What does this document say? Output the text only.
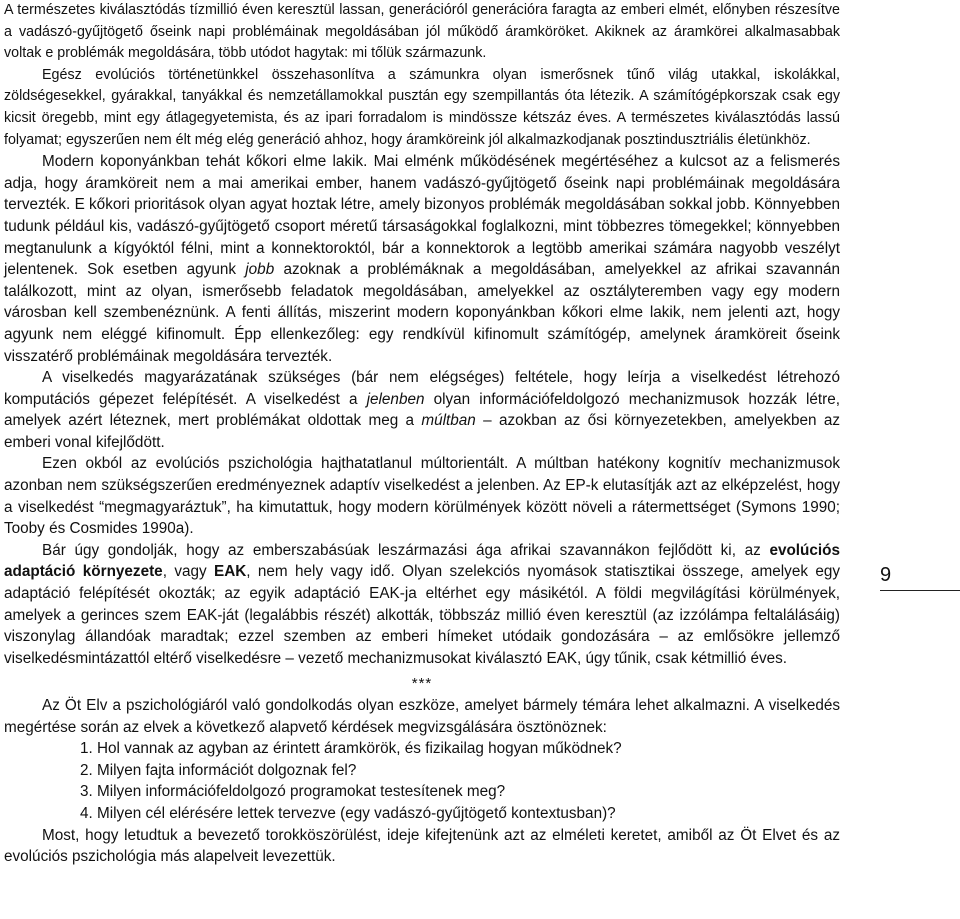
A természetes kiválasztódás tízmillió éven keresztül lassan, generációról generációra faragta az emberi elmét, előnyben részesítve a vadászó-gyűjtögető őseink napi problémáinak megoldásában jól működő áramköröket. Akiknek az áramkörei alkalmasabbak voltak e problémák megoldására, több utódot hagytak: mi tőlük származunk.

Egész evolúciós történetünkkel összehasonlítva a számunkra olyan ismerősnek tűnő világ utakkal, iskolákkal, zöldségesekkel, gyárakkal, tanyákkal és nemzetállamokkal pusztán egy szempillantás óta létezik. A számítógépkorszak csak egy kicsit öregebb, mint egy átlagegyetemista, és az ipari forradalom is mindössze kétszáz éves. A természetes kiválasztódás lassú folyamat; egyszerűen nem élt még elég generáció ahhoz, hogy áramköreink jól alkalmazkodjanak posztindusztriális életünkhöz.

Modern koponyánkban tehát kőkori elme lakik. Mai elménk működésének megértéséhez a kulcsot az a felismerés adja, hogy áramköreit nem a mai amerikai ember, hanem vadászó-gyűjtögető őseink napi problémáinak megoldására tervezték. E kőkori prioritások olyan agyat hoztak létre, amely bizonyos problémák megoldásában sokkal jobb. Könnyebben tudunk például kis, vadászó-gyűjtögető csoport méretű társaságokkal foglalkozni, mint többezres tömegekkel; könnyebben megtanulunk a kígyóktól félni, mint a konnektoroktól, bár a konnektorok a legtöbb amerikai számára nagyobb veszélyt jelentenek. Sok esetben agyunk jobb azoknak a problémáknak a megoldásában, amelyekkel az afrikai szavannán találkozott, mint az olyan, ismerősebb feladatok megoldásában, amelyekkel az osztályteremben vagy egy modern városban kell szembenéznünk. A fenti állítás, miszerint modern koponyánkban kőkori elme lakik, nem jelenti azt, hogy agyunk nem eléggé kifinomult. Épp ellenkezőleg: egy rendkívül kifinomult számítógép, amelynek áramköreit őseink visszatérő problémáinak megoldására tervezték.

A viselkedés magyarázatának szükséges (bár nem elégséges) feltétele, hogy leírja a viselkedést létrehozó komputációs gépezet felépítését. A viselkedést a jelenben olyan információfeldolgozó mechanizmusok hozzák létre, amelyek azért léteznek, mert problémákat oldottak meg a múltban – azokban az ősi környezetekben, amelyekben az emberi vonal kifejlődött.

Ezen okból az evolúciós pszichológia hajthatatlanul múltorientált. A múltban hatékony kognitív mechanizmusok azonban nem szükségszerűen eredményeznek adaptív viselkedést a jelenben. Az EP-k elutasítják azt az elképzelést, hogy a viselkedést “megmagyaráztuk”, ha kimutattuk, hogy modern körülmények között növeli a rátermettséget (Symons 1990; Tooby és Cosmides 1990a).

Bár úgy gondolják, hogy az emberszabásúak leszármazási ága afrikai szavannákon fejlődött ki, az evolúciós adaptáció környezete, vagy EAK, nem hely vagy idő. Olyan szelekciós nyomások statisztikai összege, amelyek egy adaptáció felépítését okozták; az egyik adaptáció EAK-ja eltérhet egy másikétól. A földi megvilágítási körülmények, amelyek a gerinces szem EAK-ját (legalábbis részét) alkották, többszáz millió éven keresztül (az izzólámpa feltalálásáig) viszonylag állandóak maradtak; ezzel szemben az emberi hímeket utódaik gondozására – az emlősökre jellemző viselkedésmintázattól eltérő viselkedésre – vezető mechanizmusokat kiválasztó EAK, úgy tűnik, csak kétmillió éves.

***

Az Öt Elv a pszichológiáról való gondolkodás olyan eszköze, amelyet bármely témára lehet alkalmazni. A viselkedés megértése során az elvek a következő alapvető kérdések megvizsgálására ösztönöznek:

1. Hol vannak az agyban az érintett áramkörök, és fizikailag hogyan működnek?
2. Milyen fajta információt dolgoznak fel?
3. Milyen információfeldolgozó programokat testesítenek meg?
4. Milyen cél elérésére lettek tervezve (egy vadászó-gyűjtögető kontextusban)?

Most, hogy letudtuk a bevezető torokköszörülést, ideje kifejtenünk azt az elméleti keretet, amiből az Öt Elvet és az evolúciós pszichológia más alapelveit levezettük.

9
